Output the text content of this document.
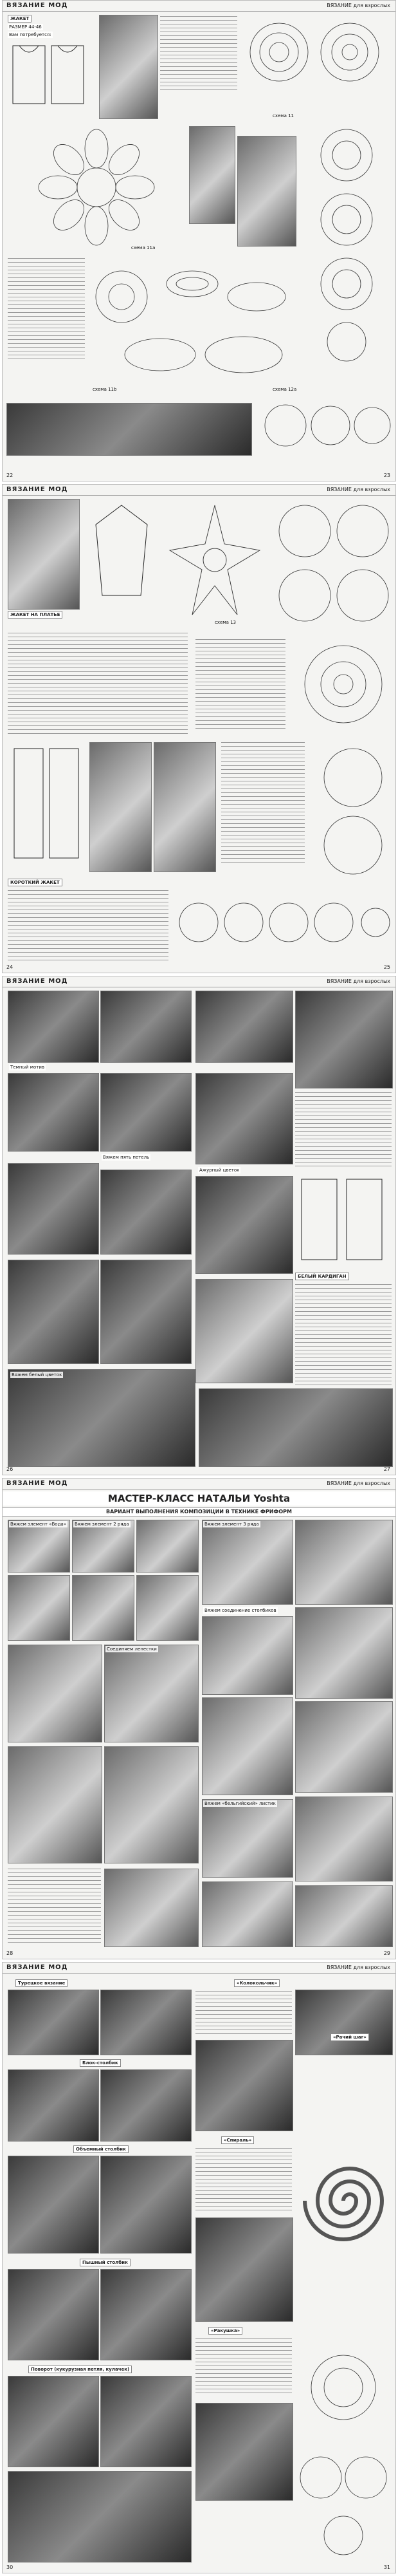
ВЯЗАНИЕ МОД	ВЯЗАНИЕ для взрослых
ЖАКЕТ
РАЗМЕР 44-46
Вам потребуется:
схема 11
схема 11a
схема 11b	схема 12a
22	23
ВЯЗАНИЕ МОД	ВЯЗАНИЕ для взрослых
ЖАКЕТ НА ПЛАТЬЕ
схема 13
КОРОТКИЙ ЖАКЕТ
24	25
ВЯЗАНИЕ МОД	ВЯЗАНИЕ для взрослых
Темный мотив
Вяжем пять петель
Ажурный цветок
БЕЛЫЙ КАРДИГАН
Вяжем белый цветок
26	27
ВЯЗАНИЕ МОД	ВЯЗАНИЕ для взрослых
МАСТЕР-КЛАСС НАТАЛЬИ Yoshta
ВАРИАНТ ВЫПОЛНЕНИЯ КОМПОЗИЦИИ В ТЕХНИКЕ ФРИФОРМ
Вяжем элемент «Вода» Вяжем элемент 2 ряда	Вяжем элемент 3 ряда
Вяжем соединение столбиков
Соединяем лепестки
Вяжем «бельгийский» листик
28	29
ВЯЗАНИЕ МОД	ВЯЗАНИЕ для взрослых
Турецкое вязание
Блок-столбик
Объемный столбик
Пышный столбик
Поворот (кукурузная петля, кулачек)
«Колокольчик»
«Рачий шаг»
«Спираль»
«Ракушка»
30	31
